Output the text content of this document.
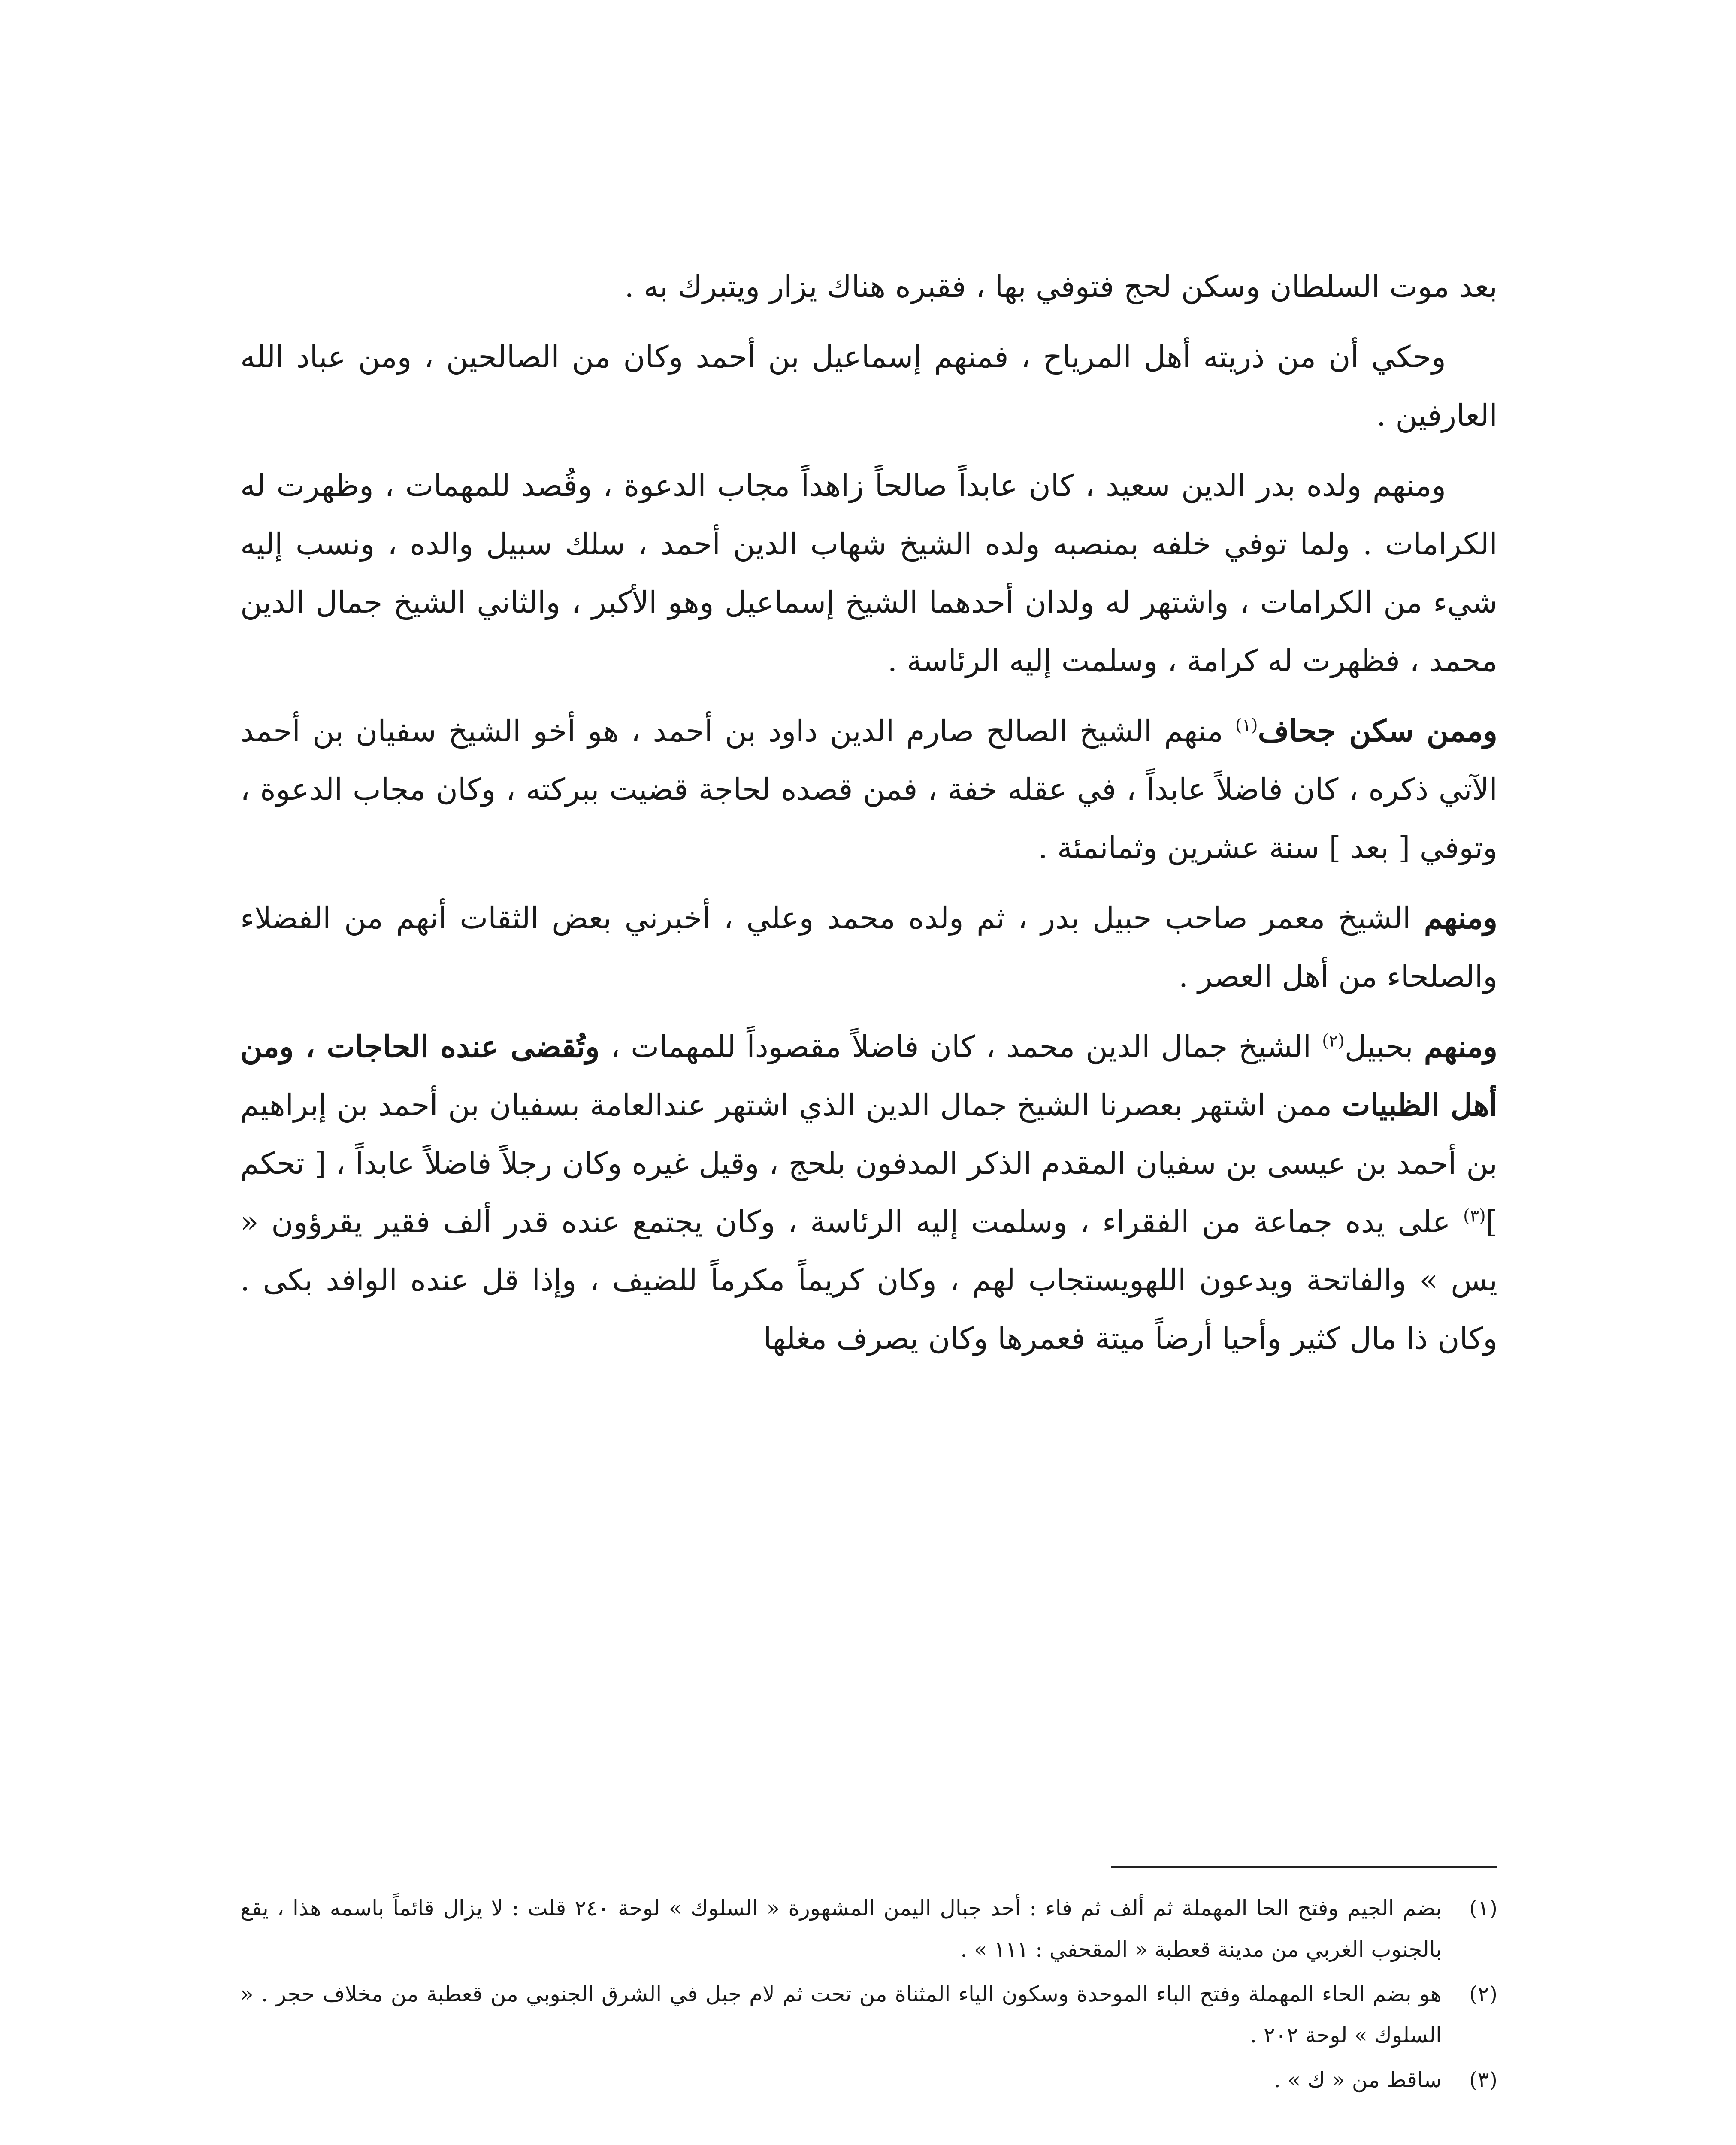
بعد موت السلطان وسكن لحج فتوفي بها ، فقبره هناك يزار ويتبرك به .

وحكي أن من ذريته أهل المرياح ، فمنهم إسماعيل بن أحمد وكان من الصالحين ، ومن عباد الله العارفين .

ومنهم ولده بدر الدين سعيد ، كان عابداً صالحاً زاهداً مجاب الدعوة ، وقُصد للمهمات ، وظهرت له الكرامات . ولما توفي خلفه بمنصبه ولده الشيخ شهاب الدين أحمد ، سلك سبيل والده ، ونسب إليه شيء من الكرامات ، واشتهر له ولدان أحدهما الشيخ إسماعيل وهو الأكبر ، والثاني الشيخ جمال الدين محمد ، فظهرت له كرامة ، وسلمت إليه الرئاسة .

وممن سكن جحاف$^{(١)}$ منهم الشيخ الصالح صارم الدين داود بن أحمد ، هو أخو الشيخ سفيان بن أحمد الآتي ذكره ، كان فاضلاً عابداً ، في عقله خفة ، فمن قصده لحاجة قضيت ببركته ، وكان مجاب الدعوة ، وتوفي [ بعد ] سنة عشرين وثمانمئة .

ومنهم الشيخ معمر صاحب حبيل بدر ، ثم ولده محمد وعلي ، أخبرني بعض الثقات أنهم من الفضلاء والصلحاء من أهل العصر .

ومنهم بحبيل$^{(٢)}$ الشيخ جمال الدين محمد ، كان فاضلاً مقصوداً للمهمات ، وتُقضى عنده الحاجات ، ومن أهل الظبيات ممن اشتهر بعصرنا الشيخ جمال الدين الذي اشتهر عندالعامة بسفيان بن أحمد بن إبراهيم بن أحمد بن عيسى بن سفيان المقدم الذكر المدفون بلحج ، وقيل غيره وكان رجلاً فاضلاً عابداً ، [ تحكم ]$^{(٣)}$ على يده جماعة من الفقراء ، وسلمت إليه الرئاسة ، وكان يجتمع عنده قدر ألف فقير يقرؤون « يس » والفاتحة ويدعون اللهويستجاب لهم ، وكان كريماً مكرماً للضيف ، وإذا قل عنده الوافد بكى . وكان ذا مال كثير وأحيا أرضاً ميتة فعمرها وكان يصرف مغلها

(١)
بضم الجيم وفتح الحا المهملة ثم ألف ثم فاء : أحد جبال اليمن المشهورة « السلوك » لوحة ٢٤٠ قلت : لا يزال قائماً باسمه هذا ، يقع بالجنوب الغربي من مدينة قعطبة « المقحفي : ١١١ » .
(٢)
هو بضم الحاء المهملة وفتح الباء الموحدة وسكون الياء المثناة من تحت ثم لام جبل في الشرق الجنوبي من قعطبة من مخلاف حجر . « السلوك » لوحة ٢٠٢ .
(٣)
ساقط من « ك » .
